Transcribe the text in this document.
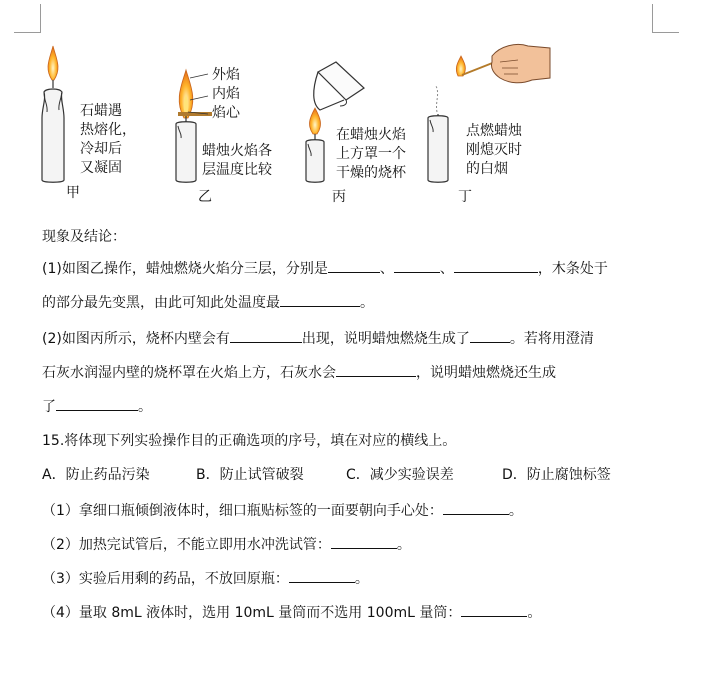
石蜡遇
热熔化，
冷却后
又凝固
甲
外焰
内焰
焰心
蜡烛火焰各
层温度比较
乙
在蜡烛火焰
上方罩一个
干燥的烧杯
丙
点燃蜡烛
刚熄灭时
的白烟
丁
现象及结论：
(1)如图乙操作，蜡烛燃烧火焰分三层，分别是	、	、	，木条处于
的部分最先变黑，由此可知此处温度最	。
(2)如图丙所示，烧杯内壁会有	出现，说明蜡烛燃烧生成了	。若将用澄清
石灰水润湿内壁的烧杯罩在火焰上方，石灰水会	，说明蜡烛燃烧还生成
了	。
15.将体现下列实验操作目的正确选项的序号，填在对应的横线上。
A．防止药品污染	B．防止试管破裂	C．减少实验误差	D．防止腐蚀标签
（1）拿细口瓶倾倒液体时，细口瓶贴标签的一面要朝向手心处：	。
（2）加热完试管后，不能立即用水冲洗试管：	。
（3）实验后用剩的药品，不放回原瓶：	。
（4）量取 8mL 液体时，选用 10mL 量筒而不选用 100mL 量筒：	。
